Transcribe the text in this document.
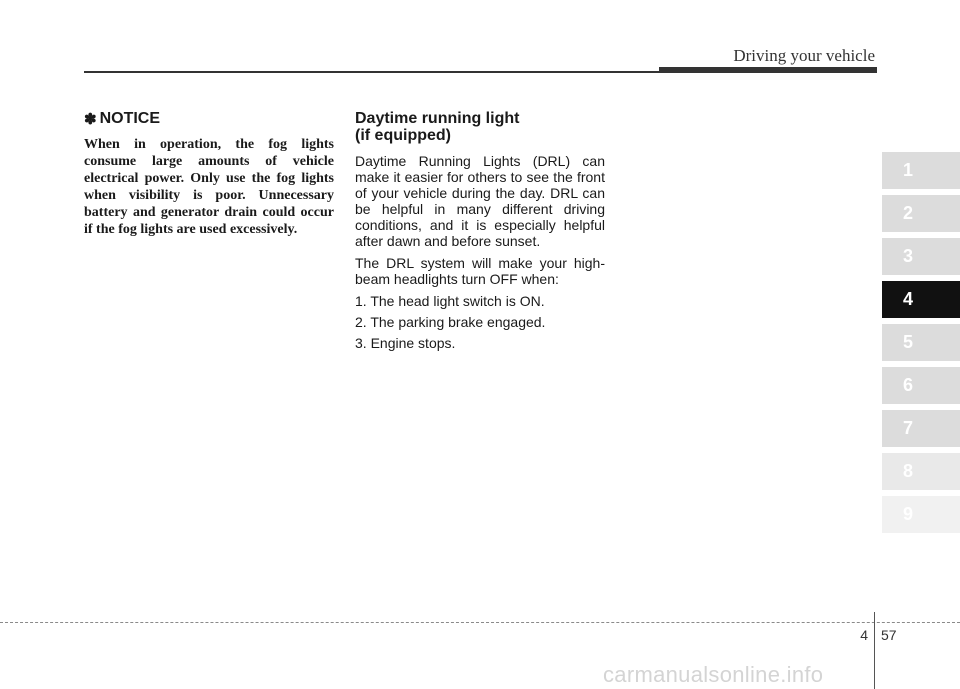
Driving your vehicle
✽ NOTICE

When in operation, the fog lights consume large amounts of vehicle electrical power. Only use the fog lights when visibility is poor. Unnecessary battery and generator drain could occur if the fog lights are used excessively.

Daytime running light
(if equipped)

Daytime Running Lights (DRL) can make it easier for others to see the front of your vehicle during the day. DRL can be helpful in many different driving conditions, and it is especially helpful after dawn and before sunset.

The DRL system will make your high-beam headlights turn OFF when:

1. The head light switch is ON.
2. The parking brake engaged.
3. Engine stops.
1
2
3
4
5
6
7
8
9
4 57
carmanualsonline.info
